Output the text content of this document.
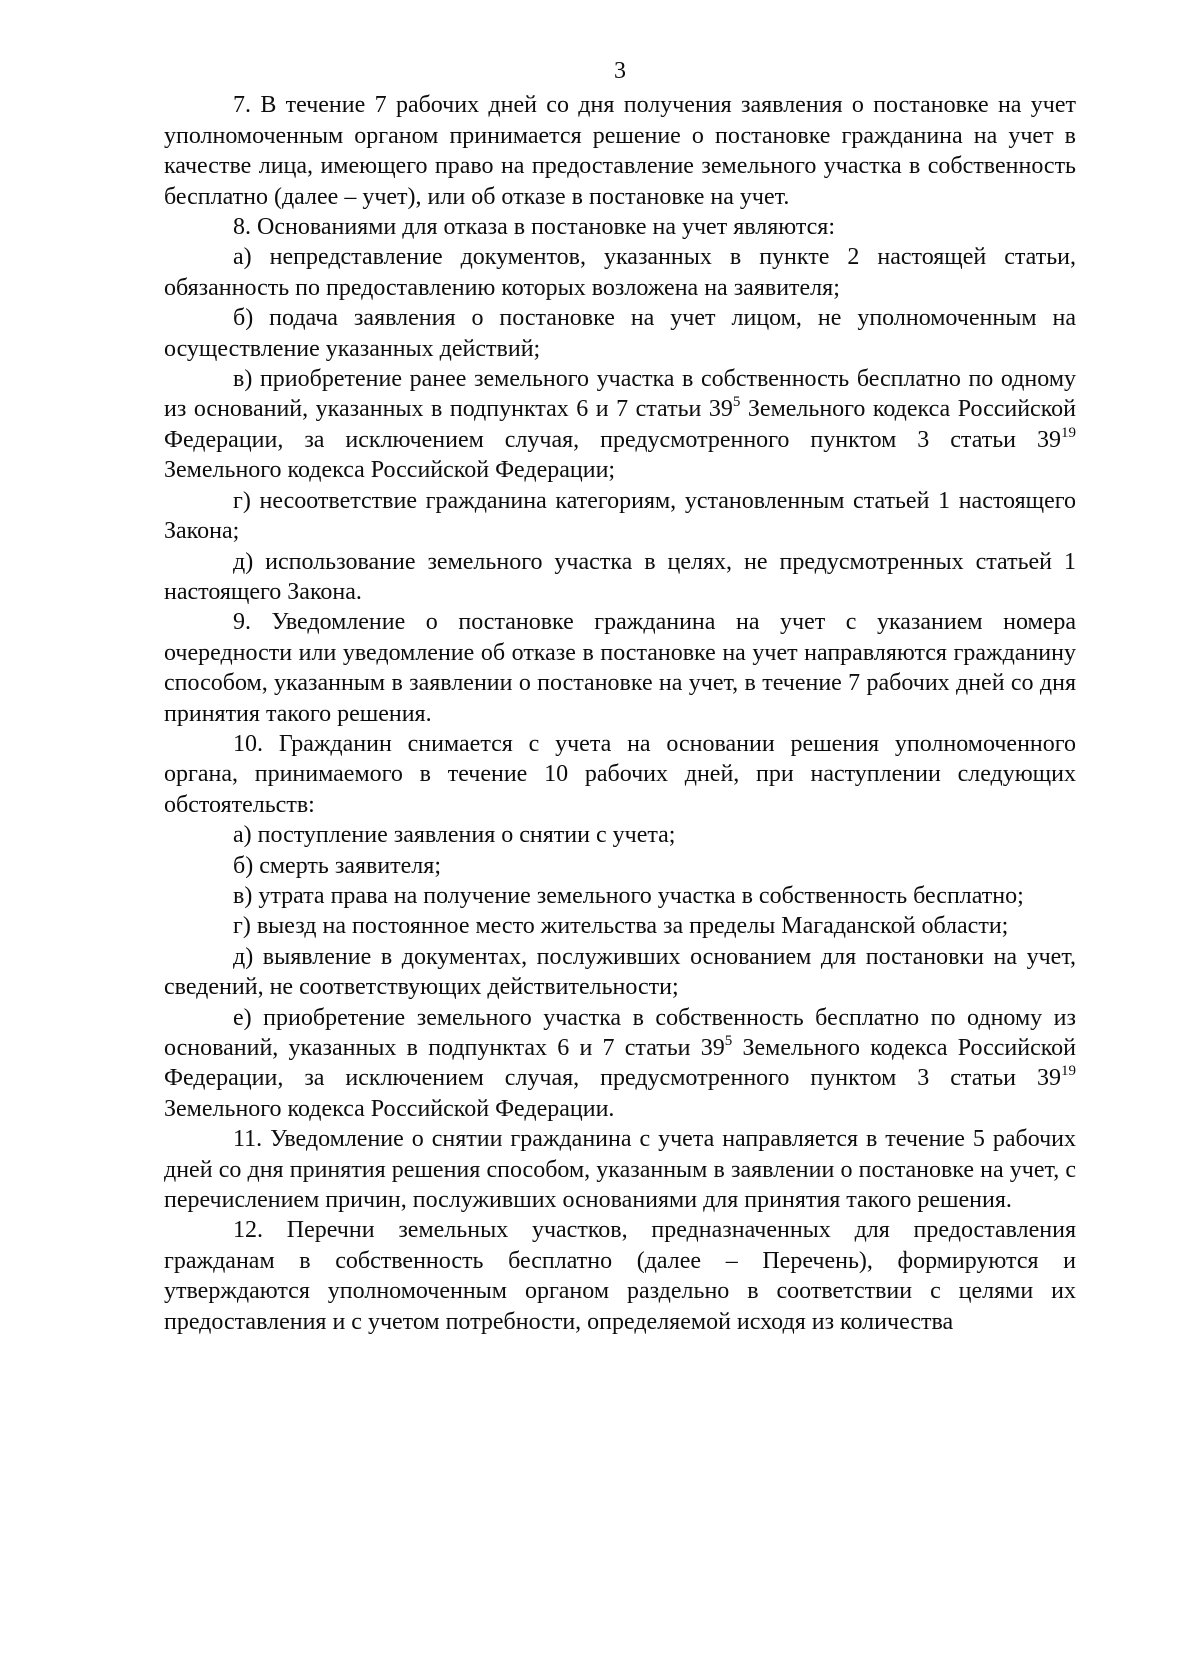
3

7. В течение 7 рабочих дней со дня получения заявления о постановке на учет уполномоченным органом принимается решение о постановке гражданина на учет в качестве лица, имеющего право на предоставление земельного участка в собственность бесплатно (далее – учет), или об отказе в постановке на учет.

8. Основаниями для отказа в постановке на учет являются:

а) непредставление документов, указанных в пункте 2 настоящей статьи, обязанность по предоставлению которых возложена на заявителя;

б) подача заявления о постановке на учет лицом, не уполномоченным на осуществление указанных действий;

в) приобретение ранее земельного участка в собственность бесплатно по одному из оснований, указанных в подпунктах 6 и 7 статьи $39^5$ Земельного кодекса Российской Федерации, за исключением случая, предусмотренного пунктом 3 статьи $39^{19}$ Земельного кодекса Российской Федерации;

г) несоответствие гражданина категориям, установленным статьей 1 настоящего Закона;

д) использование земельного участка в целях, не предусмотренных статьей 1 настоящего Закона.

9. Уведомление о постановке гражданина на учет с указанием номера очередности или уведомление об отказе в постановке на учет направляются гражданину способом, указанным в заявлении о постановке на учет, в течение 7 рабочих дней со дня принятия такого решения.

10. Гражданин снимается с учета на основании решения уполномоченного органа, принимаемого в течение 10 рабочих дней, при наступлении следующих обстоятельств:

а) поступление заявления о снятии с учета;

б) смерть заявителя;

в) утрата права на получение земельного участка в собственность бесплатно;

г) выезд на постоянное место жительства за пределы Магаданской области;

д) выявление в документах, послуживших основанием для постановки на учет, сведений, не соответствующих действительности;

е) приобретение земельного участка в собственность бесплатно по одному из оснований, указанных в подпунктах 6 и 7 статьи $39^5$ Земельного кодекса Российской Федерации, за исключением случая, предусмотренного пунктом 3 статьи $39^{19}$ Земельного кодекса Российской Федерации.

11. Уведомление о снятии гражданина с учета направляется в течение 5 рабочих дней со дня принятия решения способом, указанным в заявлении о постановке на учет, с перечислением причин, послуживших основаниями для принятия такого решения.

12. Перечни земельных участков, предназначенных для предоставления гражданам в собственность бесплатно (далее – Перечень), формируются и утверждаются уполномоченным органом раздельно в соответствии с целями их предоставления и с учетом потребности, определяемой исходя из количества
